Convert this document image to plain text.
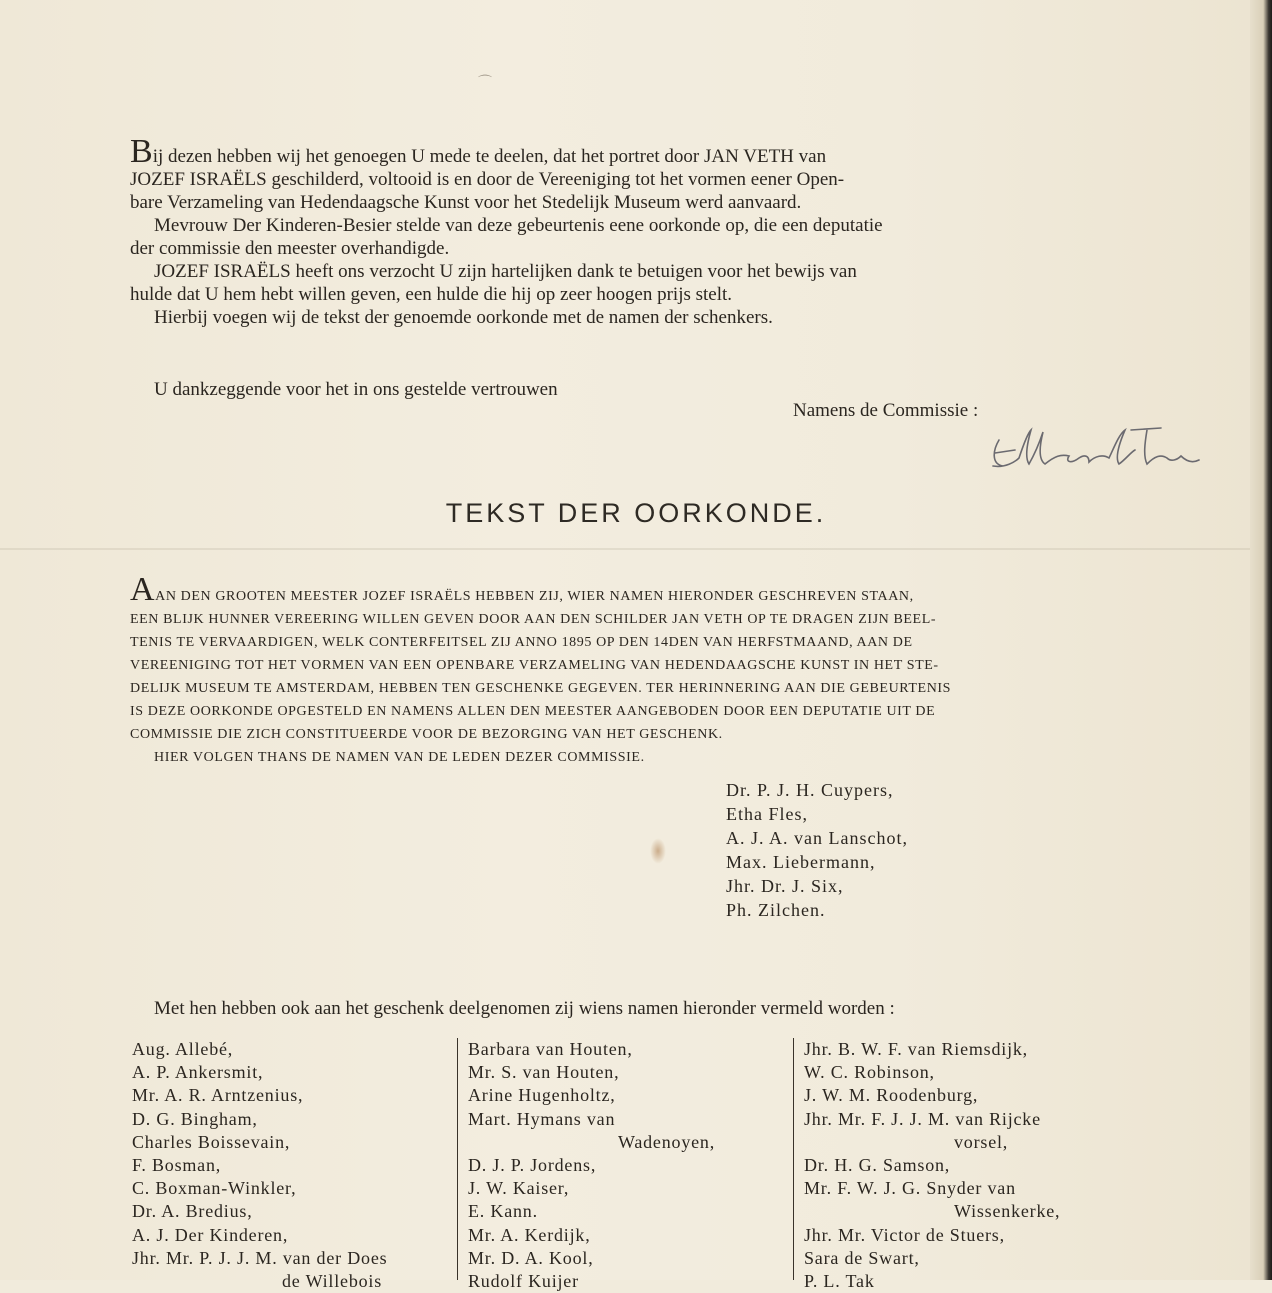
⌒

Bij dezen hebben wij het genoegen U mede te deelen, dat het portret door JAN VETH van
JOZEF ISRAËLS geschilderd, voltooid is en door de Vereeniging tot het vormen eener Open-
bare Verzameling van Hedendaagsche Kunst voor het Stedelijk Museum werd aanvaard.
Mevrouw Der Kinderen-Besier stelde van deze gebeurtenis eene oorkonde op, die een deputatie
der commissie den meester overhandigde.
JOZEF ISRAËLS heeft ons verzocht U zijn hartelijken dank te betuigen voor het bewijs van
hulde dat U hem hebt willen geven, een hulde die hij op zeer hoogen prijs stelt.
Hierbij voegen wij de tekst der genoemde oorkonde met de namen der schenkers.

U dankzeggende voor het in ons gestelde vertrouwen
Namens de Commissie :
TEKST DER OORKONDE.

AAN DEN GROOTEN MEESTER JOZEF ISRAËLS HEBBEN ZIJ, WIER NAMEN HIERONDER GESCHREVEN STAAN,
EEN BLIJK HUNNER VEREERING WILLEN GEVEN DOOR AAN DEN SCHILDER JAN VETH OP TE DRAGEN ZIJN BEEL-
TENIS TE VERVAARDIGEN, WELK CONTERFEITSEL ZIJ ANNO 1895 OP DEN 14DEN VAN HERFSTMAAND, AAN DE
VEREENIGING TOT HET VORMEN VAN EEN OPENBARE VERZAMELING VAN HEDENDAAGSCHE KUNST IN HET STE-
DELIJK MUSEUM TE AMSTERDAM, HEBBEN TEN GESCHENKE GEGEVEN. TER HERINNERING AAN DIE GEBEURTENIS
IS DEZE OORKONDE OPGESTELD EN NAMENS ALLEN DEN MEESTER AANGEBODEN DOOR EEN DEPUTATIE UIT DE
COMMISSIE DIE ZICH CONSTITUEERDE VOOR DE BEZORGING VAN HET GESCHENK.
HIER VOLGEN THANS DE NAMEN VAN DE LEDEN DEZER COMMISSIE.

Dr. P. J. H. Cuypers,
Etha Fles,
A. J. A. van Lanschot,
Max. Liebermann,
Jhr. Dr. J. Six,
Ph. Zilchen.
Met hen hebben ook aan het geschenk deelgenomen zij wiens namen hieronder vermeld worden :
Aug. Allebé,
A. P. Ankersmit,
Mr. A. R. Arntzenius,
D. G. Bingham,
Charles Boissevain,
F. Bosman,
C. Boxman-Winkler,
Dr. A. Bredius,
A. J. Der Kinderen,
Jhr. Mr. P. J. J. M. van der Does
de Willebois
Barbara van Houten,
Mr. S. van Houten,
Arine Hugenholtz,
Mart. Hymans van
Wadenoyen,
D. J. P. Jordens,
J. W. Kaiser,
E. Kann.
Mr. A. Kerdijk,
Mr. D. A. Kool,
Rudolf Kuijer
Jhr. B. W. F. van Riemsdijk,
W. C. Robinson,
J. W. M. Roodenburg,
Jhr. Mr. F. J. J. M. van Rijcke
vorsel,
Dr. H. G. Samson,
Mr. F. W. J. G. Snyder van
Wissenkerke,
Jhr. Mr. Victor de Stuers,
Sara de Swart,
P. L. Tak
